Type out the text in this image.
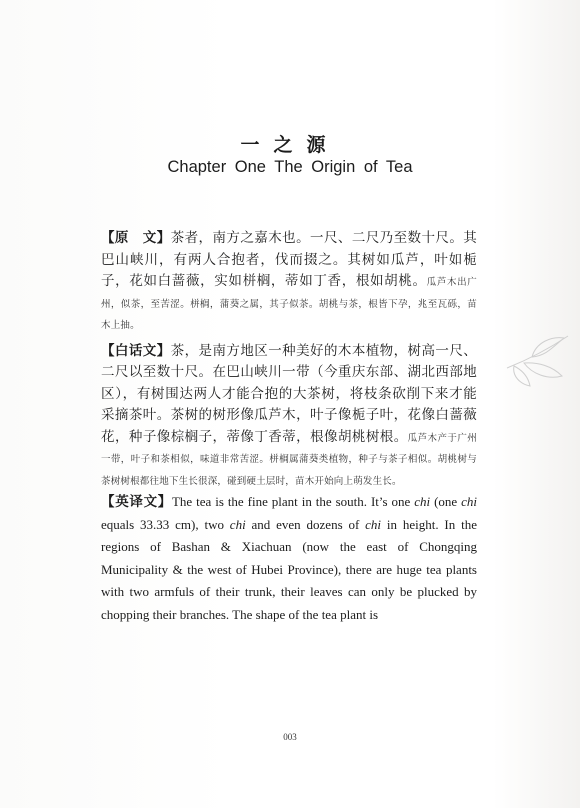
一之源
Chapter One The Origin of Tea

【原　文】茶者，南方之嘉木也。一尺、二尺乃至数十尺。其巴山峡川，有两人合抱者，伐而掇之。其树如瓜芦，叶如栀子，花如白蔷薇，实如栟榈，蒂如丁香，根如胡桃。瓜芦木出广州，似茶，至苦涩。栟榈，蒲葵之属，其子似茶。胡桃与茶，根皆下孕，兆至瓦砾，苗木上抽。

【白话文】茶，是南方地区一种美好的木本植物，树高一尺、二尺以至数十尺。在巴山峡川一带（今重庆东部、湖北西部地区），有树围达两人才能合抱的大茶树，将枝条砍削下来才能采摘茶叶。茶树的树形像瓜芦木，叶子像栀子叶，花像白蔷薇花，种子像棕榈子，蒂像丁香蒂，根像胡桃树根。瓜芦木产于广州一带，叶子和茶相似，味道非常苦涩。栟榈属蒲葵类植物，种子与茶子相似。胡桃树与茶树树根都往地下生长很深，碰到硬土层时，苗木开始向上萌发生长。

【英译文】The tea is the fine plant in the south. It’s one chi (one chi equals 33.33 cm), two chi and even dozens of chi in height. In the regions of Bashan & Xiachuan (now the east of Chongqing Municipality & the west of Hubei Province), there are huge tea plants with two armfuls of their trunk, their leaves can only be plucked by chopping their branches. The shape of the tea plant is

003
